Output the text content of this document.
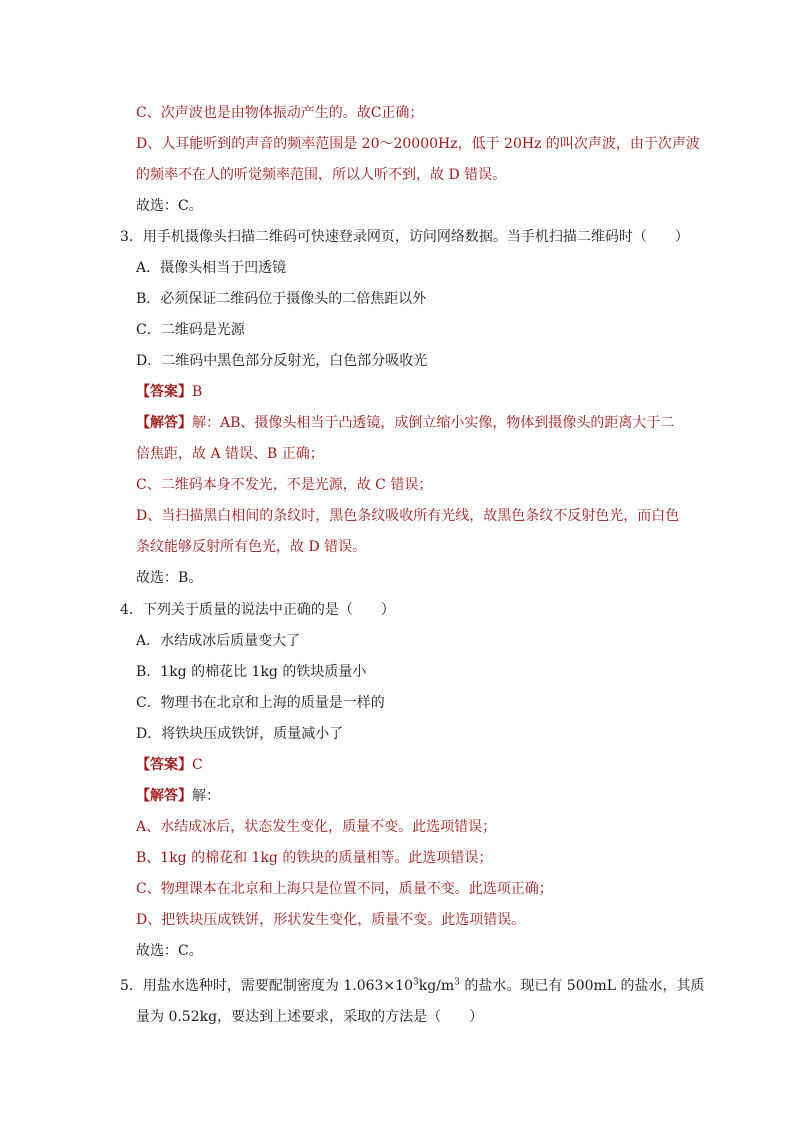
C、次声波也是由物体振动产生的。故C正确；
D、人耳能听到的声音的频率范围是 20～20000Hz，低于 20Hz 的叫次声波，由于次声波
的频率不在人的听觉频率范围，所以人听不到，故 D 错误。
故选：C。
3．用手机摄像头扫描二维码可快速登录网页，访问网络数据。当手机扫描二维码时（　　）
A．摄像头相当于凹透镜
B．必须保证二维码位于摄像头的二倍焦距以外
C．二维码是光源
D．二维码中黑色部分反射光，白色部分吸收光
【答案】B
【解答】解：AB、摄像头相当于凸透镜，成倒立缩小实像，物体到摄像头的距离大于二
倍焦距，故 A 错误、B 正确；
C、二维码本身不发光，不是光源，故 C 错误；
D、当扫描黑白相间的条纹时，黑色条纹吸收所有光线，故黑色条纹不反射色光，而白色
条纹能够反射所有色光，故 D 错误。
故选：B。
4．下列关于质量的说法中正确的是（　　）
A．水结成冰后质量变大了
B．1kg 的棉花比 1kg 的铁块质量小
C．物理书在北京和上海的质量是一样的
D．将铁块压成铁饼，质量减小了
【答案】C
【解答】解：
A、水结成冰后，状态发生变化，质量不变。此选项错误；
B、1kg 的棉花和 1kg 的铁块的质量相等。此选项错误；
C、物理课本在北京和上海只是位置不同，质量不变。此选项正确；
D、把铁块压成铁饼，形状发生变化，质量不变。此选项错误。
故选：C。
5．用盐水选种时，需要配制密度为 $1.063\times 10^3kg/m^3$ 的盐水。现已有 500mL 的盐水，其质
量为 0.52kg，要达到上述要求，采取的方法是（　　）
